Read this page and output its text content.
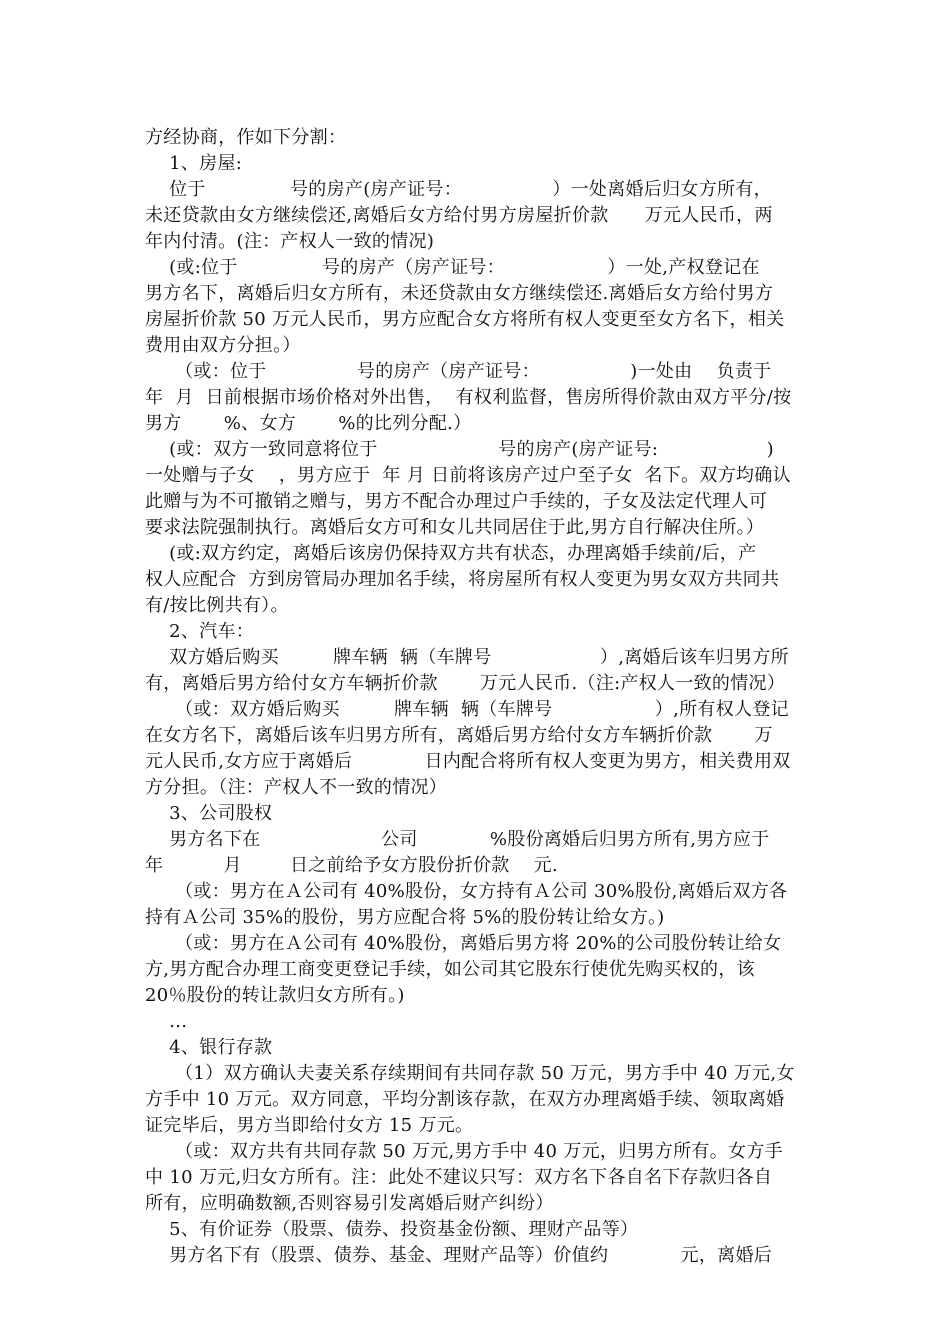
方经协商，作如下分割：
1、房屋:
位于              号的房产(房产证号：               ）一处离婚后归女方所有，
未还贷款由女方继续偿还,离婚后女方给付男方房屋折价款      万元人民币，两
年内付清。(注：产权人一致的情况)
(或:位于              号的房产（房产证号：                 ）一处,产权登记在
男方名下，离婚后归女方所有，未还贷款由女方继续偿还.离婚后女方给付男方
房屋折价款 50 万元人民币，男方应配合女方将所有权人变更至女方名下，相关
费用由双方分担。）
（或：位于               号的房产（房产证号：               )一处由    负责于
年  月  日前根据市场价格对外出售，  有权利监督，售房所得价款由双方平分/按
男方       %、女方       %的比列分配.）
(或：双方一致同意将位于                    号的房产(房产证号:                  )
一处赠与子女    ，男方应于  年 月 日前将该房产过户至子女  名下。双方均确认
此赠与为不可撤销之赠与，男方不配合办理过户手续的，子女及法定代理人可
要求法院强制执行。离婚后女方可和女儿共同居住于此,男方自行解决住所。）
(或:双方约定，离婚后该房仍保持双方共有状态，办理离婚手续前/后，产
权人应配合  方到房管局办理加名手续，将房屋所有权人变更为男女双方共同共
有/按比例共有）。
2、汽车：
双方婚后购买         牌车辆  辆（车牌号                  ）,离婚后该车归男方所
有，离婚后男方给付女方车辆折价款       万元人民币.（注:产权人一致的情况）
（或：双方婚后购买         牌车辆  辆（车牌号                 ）,所有权人登记
在女方名下，离婚后该车归男方所有，离婚后男方给付女方车辆折价款       万
元人民币,女方应于离婚后            日内配合将所有权人变更为男方，相关费用双
方分担。（注：产权人不一致的情况）
3、公司股权
男方名下在                    公司            %股份离婚后归男方所有,男方应于
年          月        日之前给予女方股份折价款    元.
（或：男方在Ａ公司有 40%股份，女方持有Ａ公司 30%股份,离婚后双方各
持有Ａ公司 35%的股份，男方应配合将 5%的股份转让给女方。)
（或：男方在Ａ公司有 40%股份，离婚后男方将 20%的公司股份转让给女
方,男方配合办理工商变更登记手续，如公司其它股东行使优先购买权的，该
20％股份的转让款归女方所有。)
…
4、银行存款
（1）双方确认夫妻关系存续期间有共同存款 50 万元，男方手中 40 万元,女
方手中 10 万元。双方同意，平均分割该存款，在双方办理离婚手续、领取离婚
证完毕后，男方当即给付女方 15 万元。
（或：双方共有共同存款 50 万元,男方手中 40 万元，归男方所有。女方手
中 10 万元,归女方所有。注：此处不建议只写：双方名下各自名下存款归各自
所有，应明确数额,否则容易引发离婚后财产纠纷）
5、有价证券（股票、债券、投资基金份额、理财产品等）
男方名下有（股票、债券、基金、理财产品等）价值约            元，离婚后
